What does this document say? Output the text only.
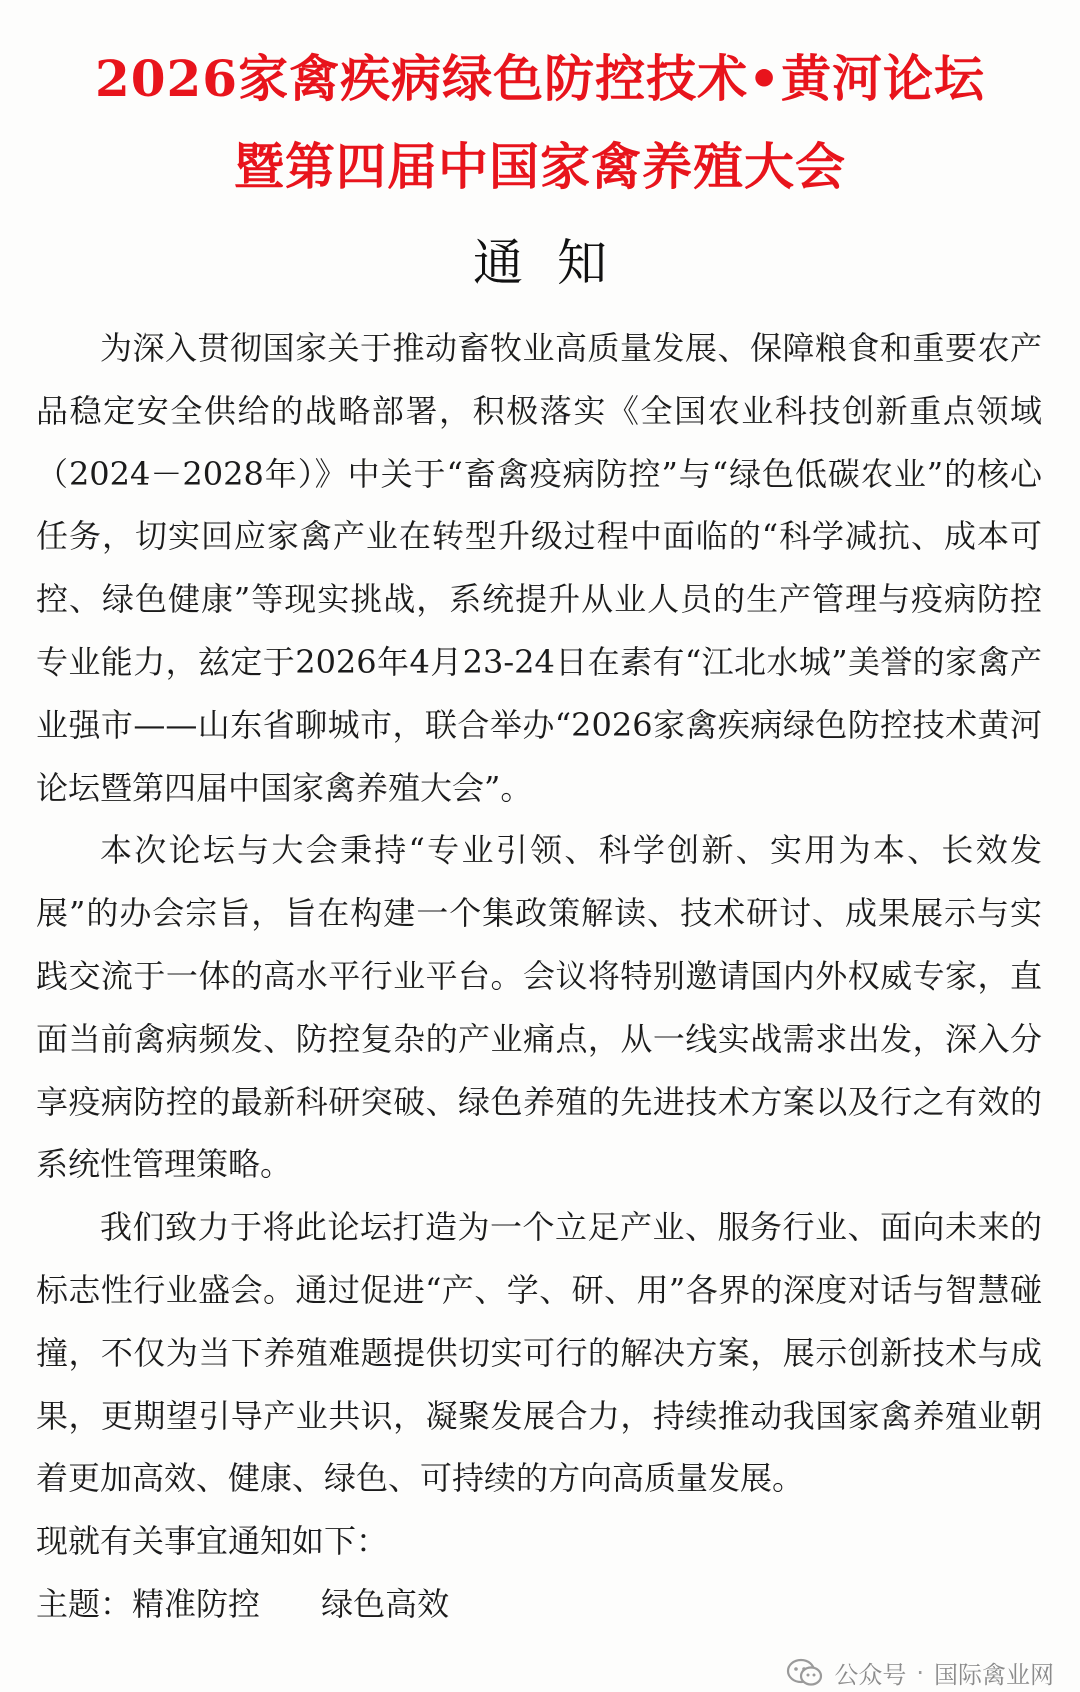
2026家禽疾病绿色防控技术•黄河论坛
暨第四届中国家禽养殖大会
通知

为深入贯彻国家关于推动畜牧业高质量发展、保障粮食和重要农产品稳定安全供给的战略部署，积极落实《全国农业科技创新重点领域（2024－2028年）》中关于“畜禽疫病防控”与“绿色低碳农业”的核心任务，切实回应家禽产业在转型升级过程中面临的“科学减抗、成本可控、绿色健康”等现实挑战，系统提升从业人员的生产管理与疫病防控专业能力，兹定于2026年4月23-24日在素有“江北水城”美誉的家禽产业强市——山东省聊城市，联合举办“2026家禽疾病绿色防控技术黄河论坛暨第四届中国家禽养殖大会”。

本次论坛与大会秉持“专业引领、科学创新、实用为本、长效发展”的办会宗旨，旨在构建一个集政策解读、技术研讨、成果展示与实践交流于一体的高水平行业平台。会议将特别邀请国内外权威专家，直面当前禽病频发、防控复杂的产业痛点，从一线实战需求出发，深入分享疫病防控的最新科研突破、绿色养殖的先进技术方案以及行之有效的系统性管理策略。

我们致力于将此论坛打造为一个立足产业、服务行业、面向未来的标志性行业盛会。通过促进“产、学、研、用”各界的深度对话与智慧碰撞，不仅为当下养殖难题提供切实可行的解决方案，展示创新技术与成果，更期望引导产业共识，凝聚发展合力，持续推动我国家禽养殖业朝着更加高效、健康、绿色、可持续的方向高质量发展。

现就有关事宜通知如下：

主题：精准防控 绿色高效

公众号 · 国际禽业网
